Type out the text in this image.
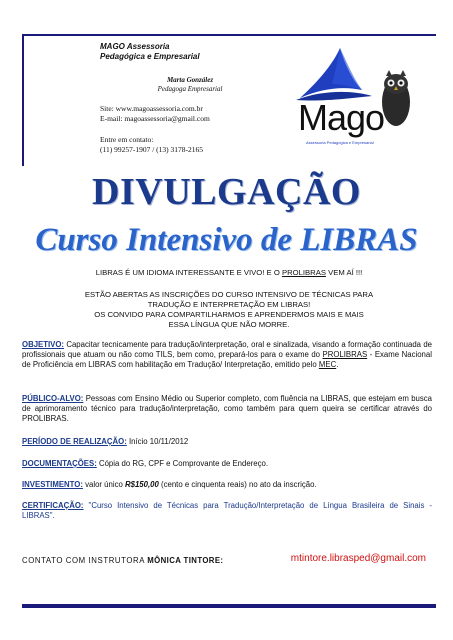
MAGO Assessoria
Pedagógica e Empresarial
Marta González
Pedagoga Empresarial
Site: www.magoassessoria.com.br
E-mail: magoassessoria@gmail.com
Entre em contato:
(11) 99257-1907 / (13) 3178-2165
Mago
Assessoria Pedagógica e Empresarial
DIVULGAÇÃO
Curso Intensivo de LIBRAS
LIBRAS É UM IDIOMA INTERESSANTE E VIVO! E O PROLIBRAS VEM AÍ !!!
ESTÃO ABERTAS AS INSCRIÇÕES DO CURSO INTENSIVO DE TÉCNICAS PARA
TRADUÇÃO E INTERPRETAÇÃO EM LIBRAS!
OS CONVIDO PARA COMPARTILHARMOS E APRENDERMOS MAIS E MAIS
ESSA LÍNGUA QUE NÃO MORRE.
OBJETIVO: Capacitar tecnicamente para tradução/interpretação, oral e sinalizada, visando a formação continuada de profissionais que atuam ou não como TILS, bem como, prepará-los para o exame do PROLIBRAS - Exame Nacional de Proficiência em LIBRAS com habilitação em Tradução/ Interpretação, emitido pelo MEC.
PÚBLICO-ALVO: Pessoas com Ensino Médio ou Superior completo, com fluência na LIBRAS, que estejam em busca de aprimoramento técnico para tradução/interpretação, como também para quem queira se certificar através do PROLIBRAS.
PERÍODO DE REALIZAÇÃO: Início 10/11/2012
DOCUMENTAÇÕES: Cópia do RG, CPF e Comprovante de Endereço.
INVESTIMENTO: valor único R$150,00 (cento e cinquenta reais) no ato da inscrição.
CERTIFICAÇÃO: "Curso Intensivo de Técnicas para Tradução/Interpretação de Língua Brasileira de Sinais - LIBRAS".
CONTATO COM INSTRUTORA MÔNICA TINTORE:	mtintore.librasped@gmail.com
